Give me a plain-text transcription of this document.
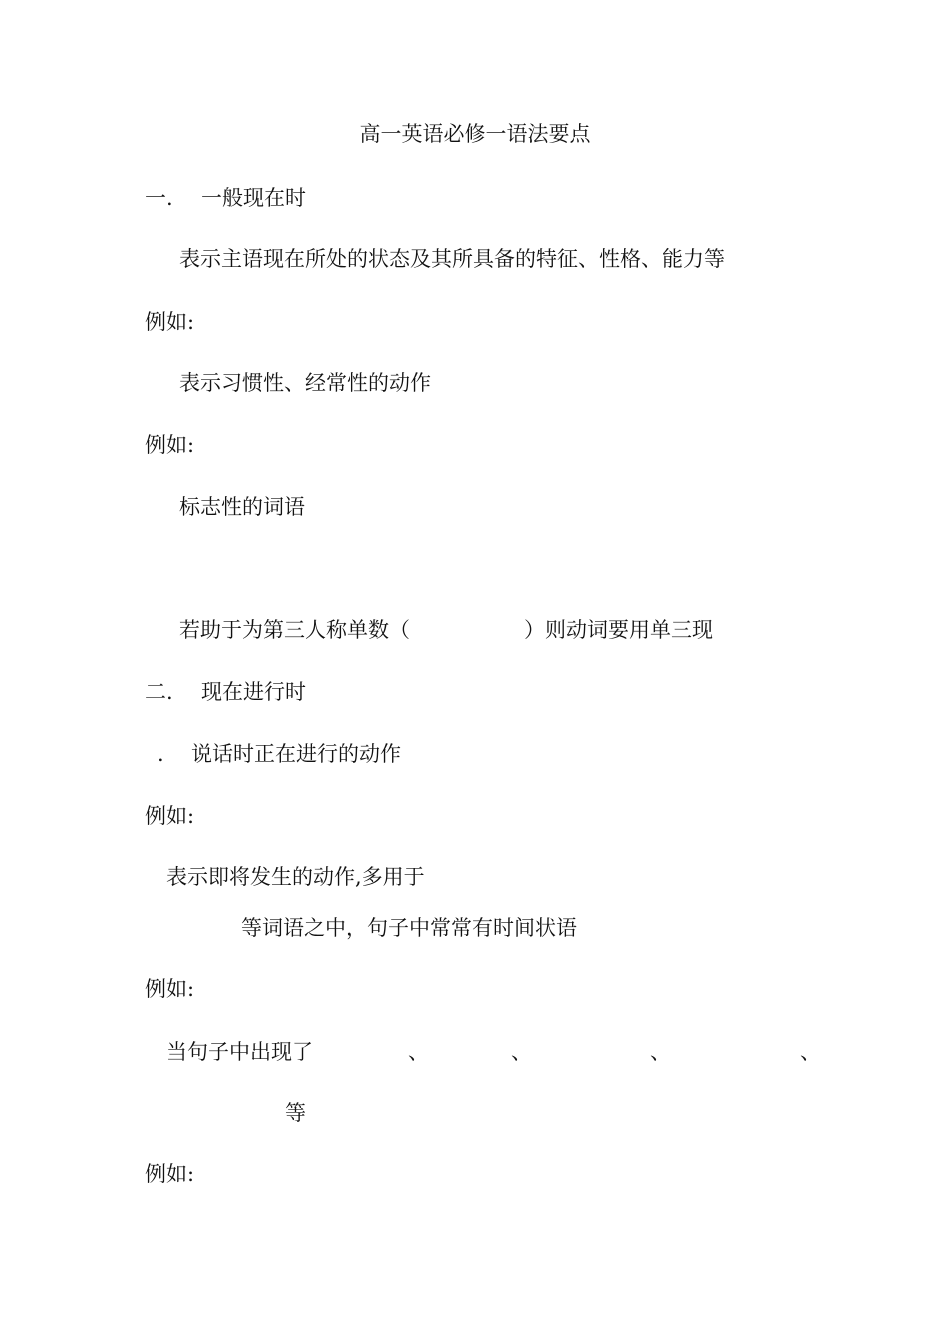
高一英语必修一语法要点
一. 一般现在时
表示主语现在所处的状态及其所具备的特征、性格、能力等
例如:
表示习惯性、经常性的动作
例如:
标志性的词语
若助于为第三人称单数（	）则动词要用单三现
二. 现在进行时
. 说话时正在进行的动作
例如:
表示即将发生的动作,多用于
等词语之中，句子中常常有时间状语
例如:
当句子中出现了	、	、	、	、
等
例如:
